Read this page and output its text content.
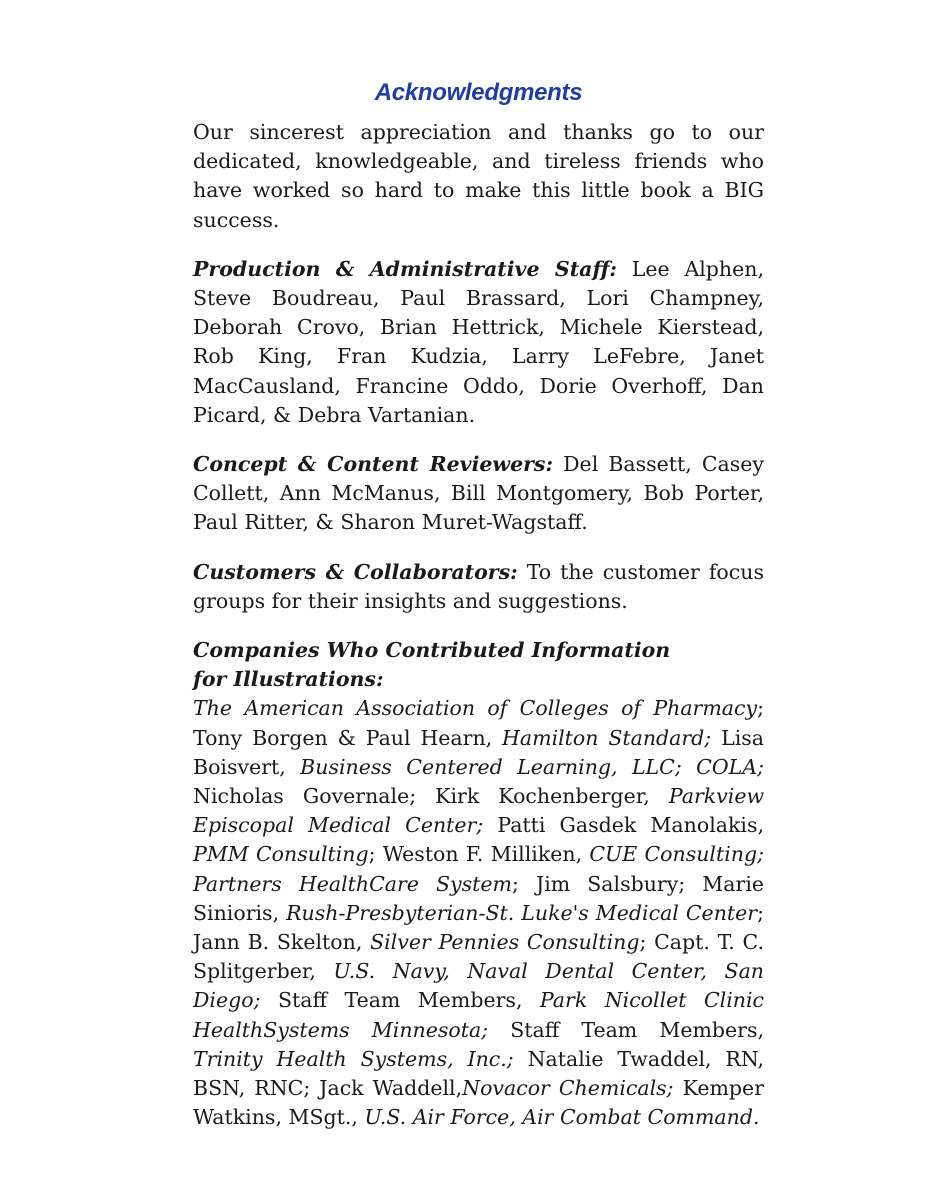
Acknowledgments

Our sincerest appreciation and thanks go to our dedicated, knowledgeable, and tireless friends who have worked so hard to make this little book a BIG success.

Production & Administrative Staff: Lee Alphen, Steve Boudreau, Paul Brassard, Lori Champney, Deborah Crovo, Brian Hettrick, Michele Kierstead, Rob King, Fran Kudzia, Larry LeFebre, Janet MacCausland, Francine Oddo, Dorie Overhoff, Dan Picard, & Debra Vartanian.

Concept & Content Reviewers: Del Bassett, Casey Collett, Ann McManus, Bill Montgomery, Bob Porter, Paul Ritter, & Sharon Muret-Wagstaff.

Customers & Collaborators: To the customer focus groups for their insights and suggestions.

Companies Who Contributed Information
for Illustrations:
The American Association of Colleges of Pharmacy; Tony Borgen & Paul Hearn, Hamilton Standard; Lisa Boisvert, Business Centered Learning, LLC; COLA; Nicholas Governale; Kirk Kochenberger, Parkview Episcopal Medical Center; Patti Gasdek Manolakis, PMM Consulting; Weston F. Milliken, CUE Consulting; Partners HealthCare System; Jim Salsbury; Marie Sinioris, Rush-Presbyterian-St. Luke's Medical Center; Jann B. Skelton, Silver Pennies Consulting; Capt. T. C. Splitgerber, U.S. Navy, Naval Dental Center, San Diego; Staff Team Members, Park Nicollet Clinic HealthSystems Minnesota; Staff Team Members, Trinity Health Systems, Inc.; Natalie Twaddel, RN, BSN, RNC; Jack Waddell,Novacor Chemicals; Kemper Watkins, MSgt., U.S. Air Force, Air Combat Command.
